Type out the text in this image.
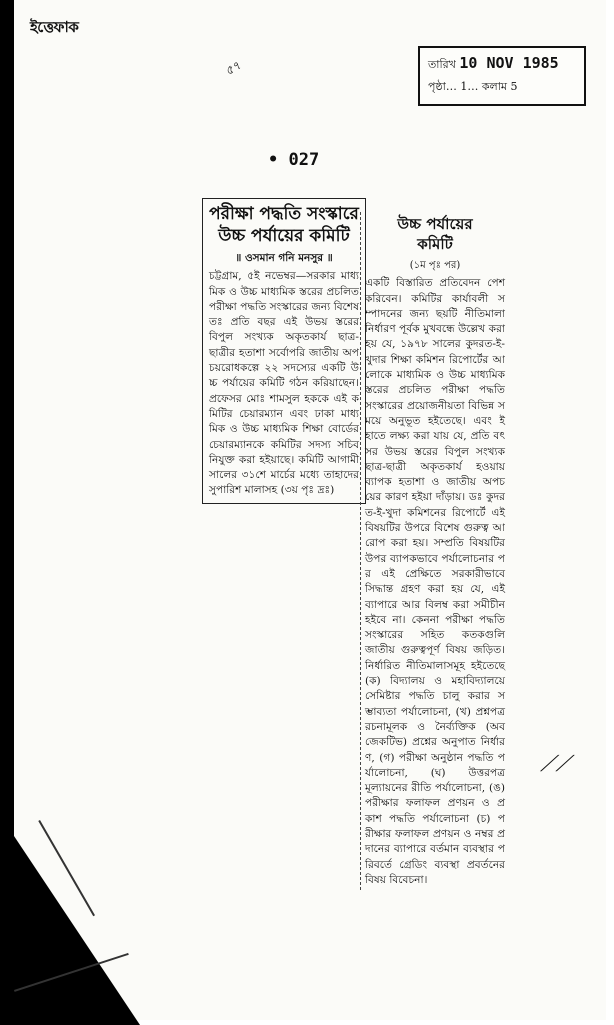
ইত্তেফাক
৫৭	তারিখ 10 NOV 1985
পৃষ্ঠা… 1… কলাম 5
• 027
পরীক্ষা পদ্ধতি সংস্কারে
উচ্চ পর্যায়ের কমিটি
॥ ওসমান গনি মনসুর ॥
চট্টগ্রাম, ৫ই নভেম্বর—সরকার মাধ্যমিক ও উচ্চ মাধ্যমিক স্তরের প্রচলিত পরীক্ষা পদ্ধতি সংস্কারের জন্য বিশেষতঃ প্রতি বছর এই উভয় স্তরের বিপুল সংখ্যক অকৃতকার্য ছাত্র-ছাত্রীর হতাশা সর্বোপরি জাতীয় অপচয়রোধকল্পে ২২ সদস্যের একটি উচ্চ পর্যায়ের কমিটি গঠন করিয়াছেন। প্রফেসর মোঃ শামসুল হককে এই কমিটির চেয়ারম্যান এবং ঢাকা মাধ্যমিক ও উচ্চ মাধ্যমিক শিক্ষা বোর্ডের চেয়ারম্যানকে কমিটির সদস্য সচিব নিযুক্ত করা হইয়াছে। কমিটি আগামী সালের ৩১শে মার্চের মধ্যে তাহাদের সুপারিশ মালাসহ (৩য় পৃঃ দ্রঃ)
উচ্চ পর্যায়ের
কমিটি
(১ম পৃঃ পর)
একটি বিস্তারিত প্রতিবেদন পেশ করিবেন। কমিটির কার্যাবলী সম্পাদনের জন্য ছয়টি নীতিমালা নির্ধারণ পূর্বক মুখবন্ধে উল্লেখ করা হয় যে, ১৯৭৮ সালের কুদরত-ই-খুদার শিক্ষা কমিশন রিপোর্টের আলোকে মাধ্যমিক ও উচ্চ মাধ্যমিক স্তরের প্রচলিত পরীক্ষা পদ্ধতি সংস্কারের প্রয়োজনীয়তা বিভিন্ন সময়ে অনুভূত হইতেছে। এবং ইহাতে লক্ষ্য করা যায় যে, প্রতি বৎসর উভয় স্তরের বিপুল সংখ্যক ছাত্র-ছাত্রী অকৃতকার্য হওয়ায় ব্যাপক হতাশা ও জাতীয় অপচয়ের কারণ হইয়া দাঁড়ায়। ডঃ কুদরত-ই-খুদা কমিশনের রিপোর্টে এই বিষয়টির উপরে বিশেষ গুরুত্ব আরোপ করা হয়। সম্প্রতি বিষয়টির উপর ব্যাপকভাবে পর্যালোচনার পর এই প্রেক্ষিতে সরকারীভাবে সিদ্ধান্ত গ্রহণ করা হয় যে, এই ব্যাপারে আর বিলম্ব করা সমীচীন হইবে না। কেননা পরীক্ষা পদ্ধতি সংস্কারের সহিত কতকগুলি জাতীয় গুরুত্বপূর্ণ বিষয় জড়িত। নির্ধারিত নীতিমালাসমূহ হইতেছে (ক) বিদ্যালয় ও মহাবিদ্যালয়ে সেমিষ্টার পদ্ধতি চালু করার সম্ভাব্যতা পর্যালোচনা, (খ) প্রশ্নপত্র রচনামূলক ও নৈর্ব্যক্তিক (অবজেকটিভ) প্রশ্নের অনুপাত নির্ধারণ, (গ) পরীক্ষা অনুষ্ঠান পদ্ধতি পর্যালোচনা, (ঘ) উত্তরপত্র মূল্যায়নের রীতি পর্যালোচনা, (ঙ) পরীক্ষার ফলাফল প্রণয়ন ও প্রকাশ পদ্ধতি পর্যালোচনা (চ) পরীক্ষার ফলাফল প্রণয়ন ও নম্বর প্রদানের ব্যাপারে বর্তমান ব্যবস্থার পরিবর্তে গ্রেডিং ব্যবস্থা প্রবর্তনের বিষয় বিবেচনা।
⟋⟋
